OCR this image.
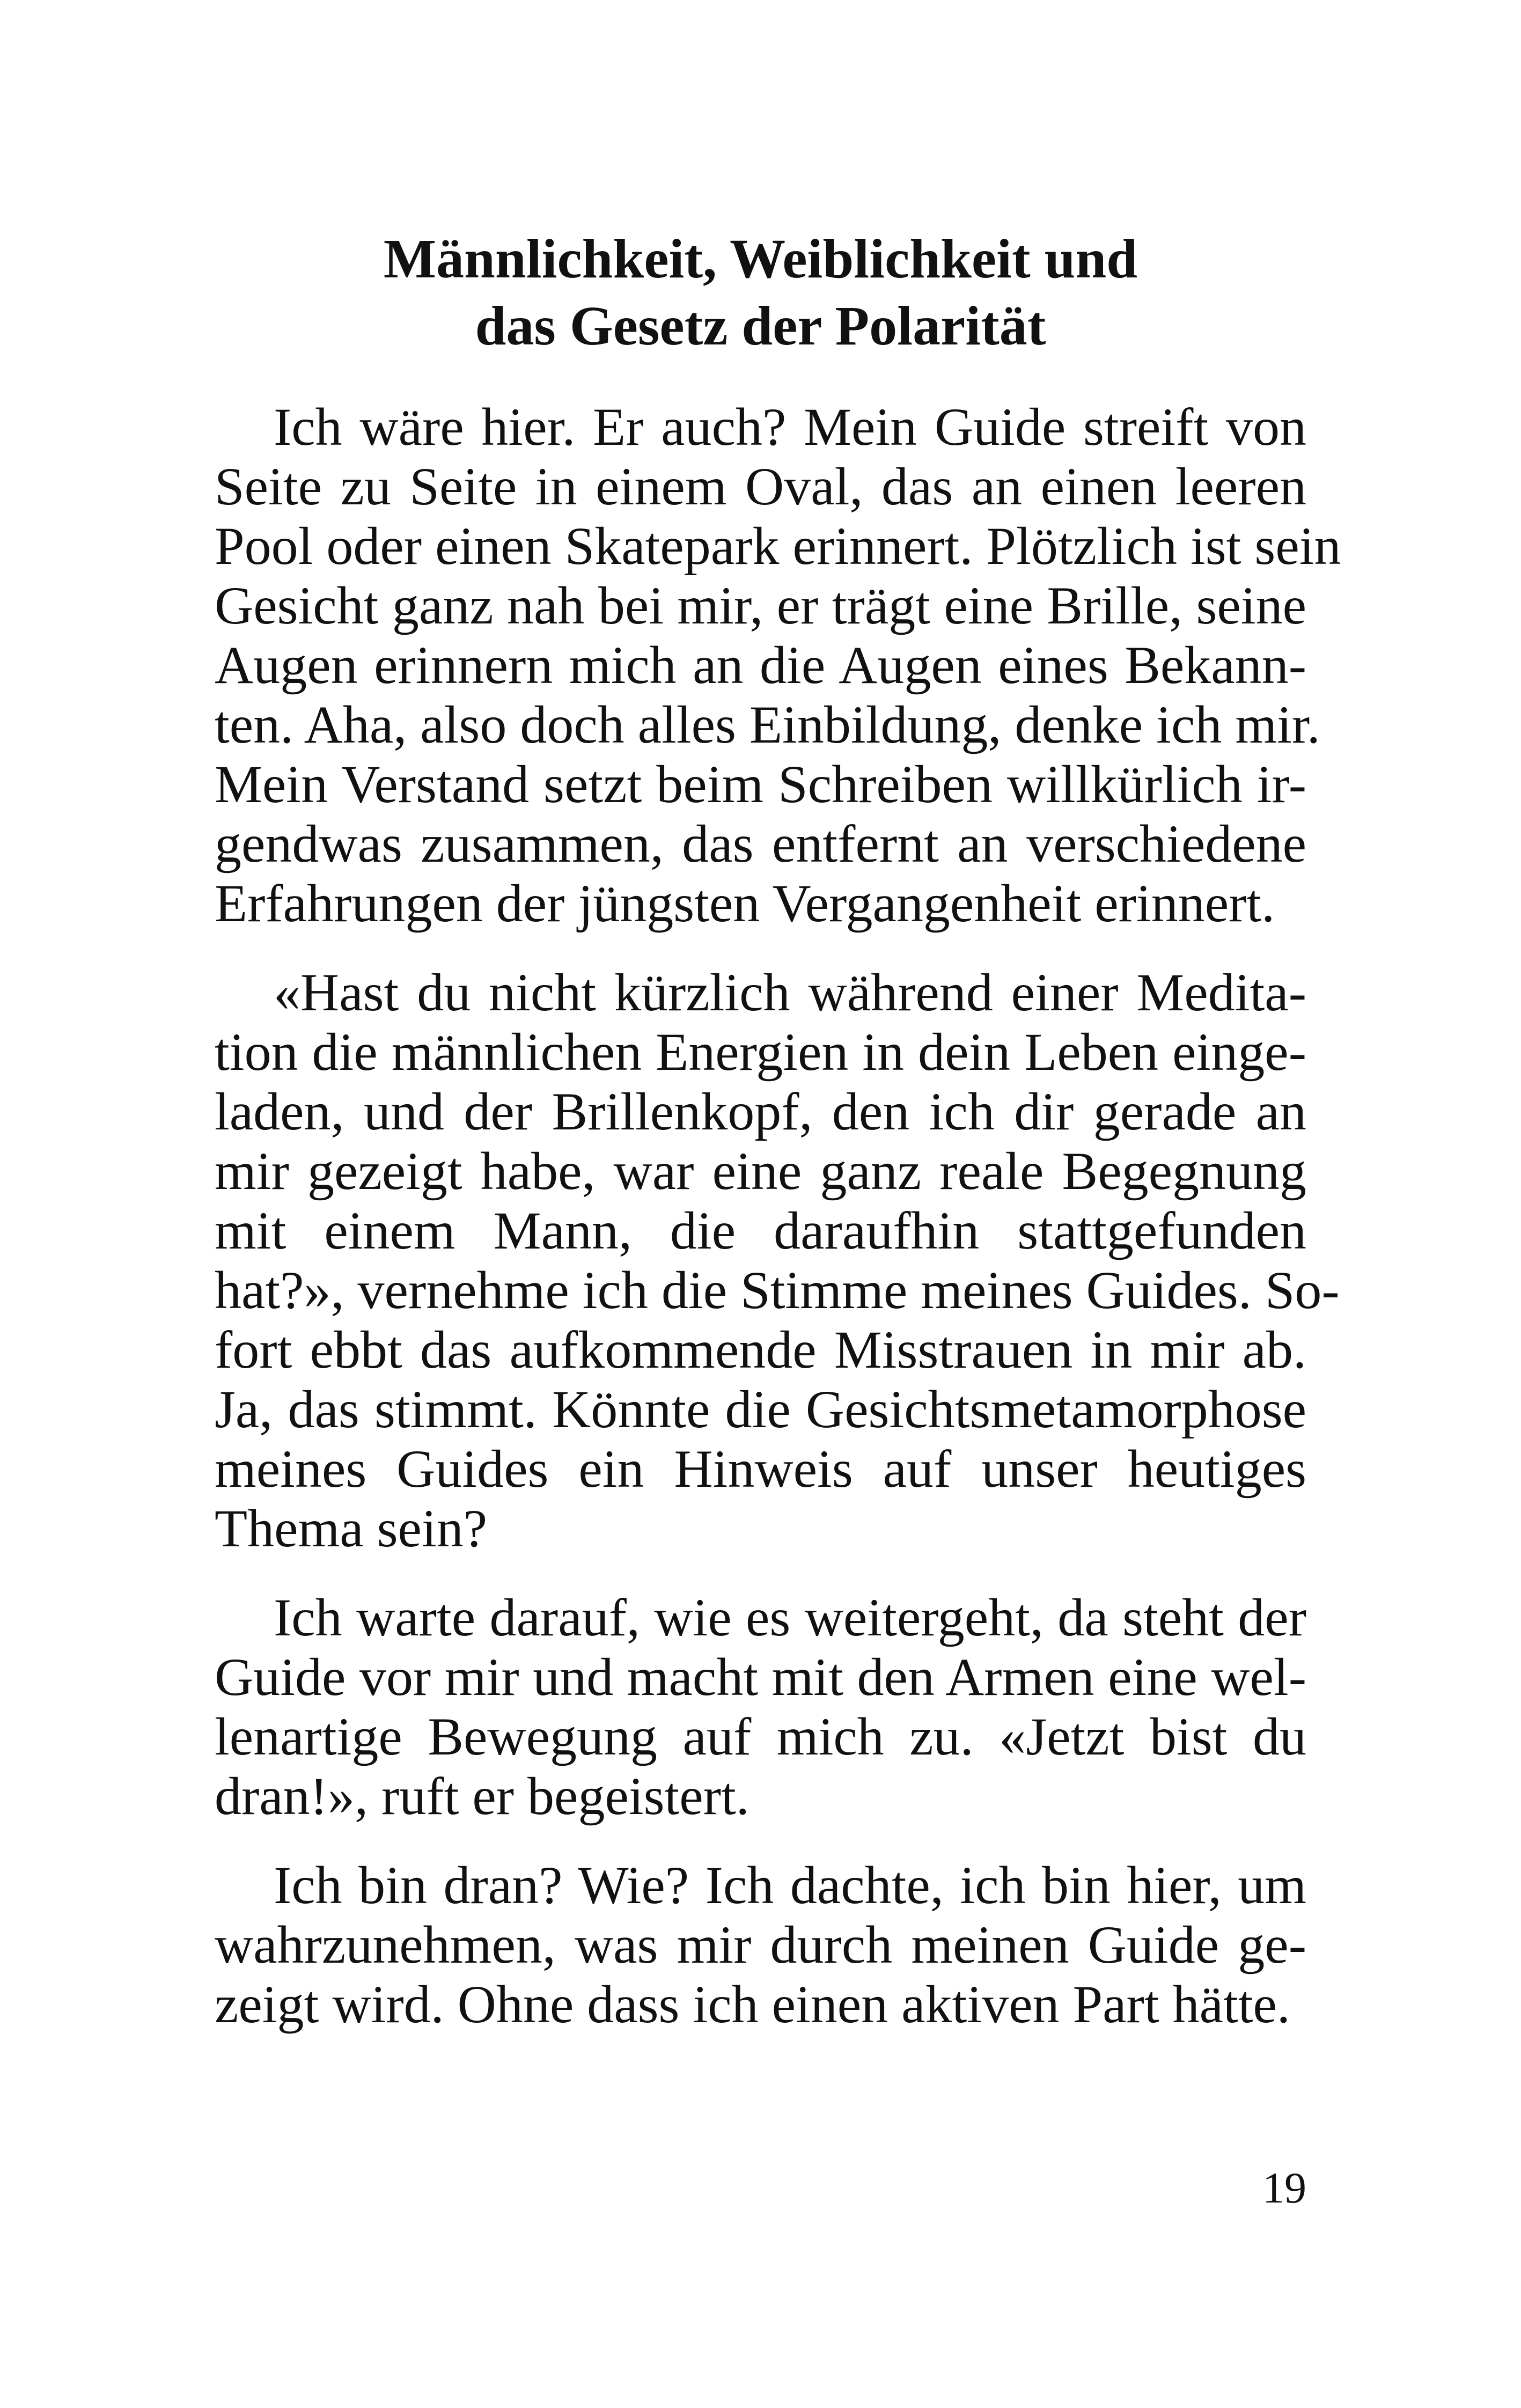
Männlichkeit, Weiblichkeit und
das Gesetz der Polarität

Ich wäre hier. Er auch? Mein Guide streift von
Seite zu Seite in einem Oval, das an einen leeren
Pool oder einen Skatepark erinnert. Plötzlich ist sein
Gesicht ganz nah bei mir, er trägt eine Brille, seine
Augen erinnern mich an die Augen eines Bekann-
ten. Aha, also doch alles Einbildung, denke ich mir.
Mein Verstand setzt beim Schreiben willkürlich ir-
gendwas zusammen, das entfernt an verschiedene
Erfahrungen der jüngsten Vergangenheit erinnert.

«Hast du nicht kürzlich während einer Medita-
tion die männlichen Energien in dein Leben einge-
laden, und der Brillenkopf, den ich dir gerade an
mir gezeigt habe, war eine ganz reale Begegnung
mit einem Mann, die daraufhin stattgefunden
hat?», vernehme ich die Stimme meines Guides. So-
fort ebbt das aufkommende Misstrauen in mir ab.
Ja, das stimmt. Könnte die Gesichtsmetamorphose
meines Guides ein Hinweis auf unser heutiges
Thema sein?

Ich warte darauf, wie es weitergeht, da steht der
Guide vor mir und macht mit den Armen eine wel-
lenartige Bewegung auf mich zu. «Jetzt bist du
dran!», ruft er begeistert.

Ich bin dran? Wie? Ich dachte, ich bin hier, um
wahrzunehmen, was mir durch meinen Guide ge-
zeigt wird. Ohne dass ich einen aktiven Part hätte.

19
